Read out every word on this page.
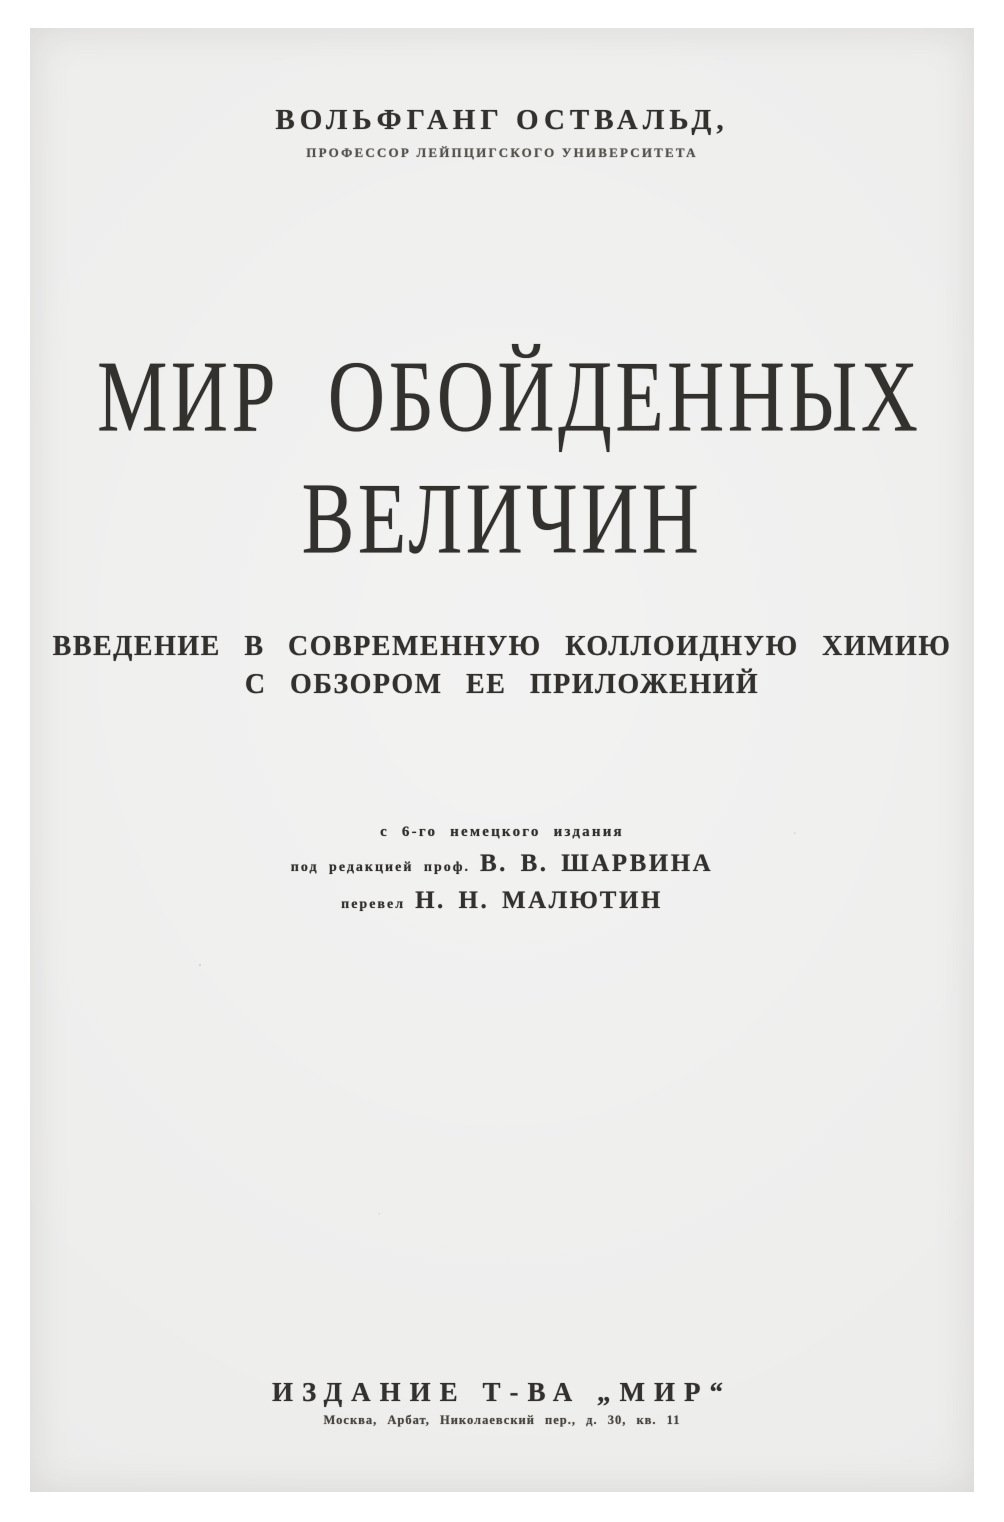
ВОЛЬФГАНГ ОСТВАЛЬД,
ПРОФЕССОР ЛЕЙПЦИГСКОГО УНИВЕРСИТЕТА
МИР ОБОЙДЕННЫХ
ВЕЛИЧИН
ВВЕДЕНИЕ В СОВРЕМЕННУЮ КОЛЛОИДНУЮ ХИМИЮ
С ОБЗОРОМ ЕЕ ПРИЛОЖЕНИЙ
с 6-го немецкого издания
под редакцией проф. В. В. ШАРВИНА
перевел Н. Н. МАЛЮТИН
ИЗДАНИЕ Т-ВА „МИР“
Москва, Арбат, Николаевский пер., д. 30, кв. 11
